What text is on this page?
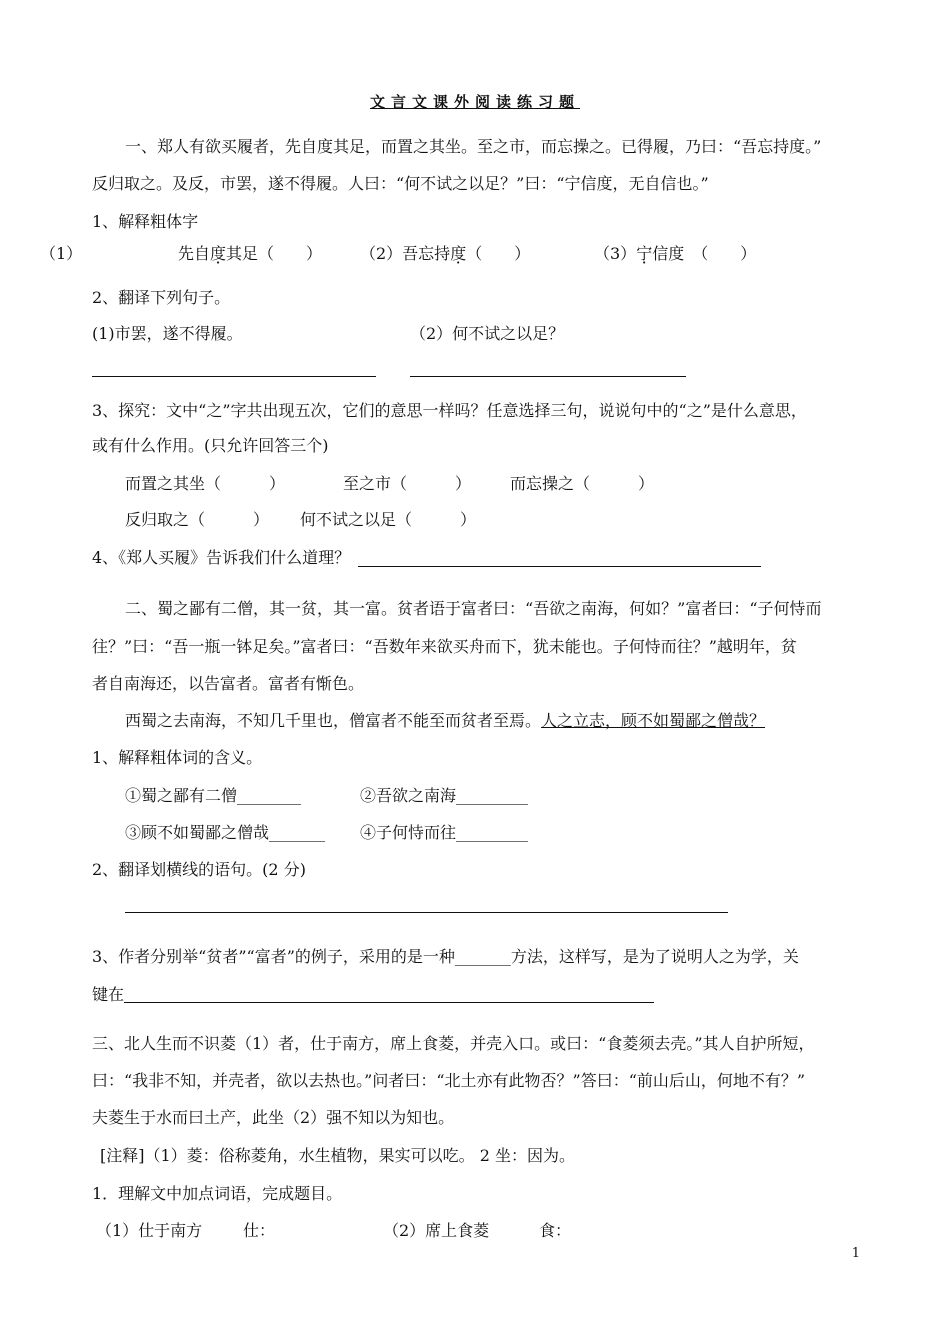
文言文课外阅读练习题
一、郑人有欲买履者，先自度其足，而置之其坐。至之市，而忘操之。已得履，乃曰：“吾忘持度。”
反归取之。及反，市罢，遂不得履。人曰：“何不试之以足？”曰：“宁信度，无自信也。”
1、解释粗体字
（1）	先自度其足（　　） （2）吾忘持度（　　）	（3）宁信度　（　　）
2、翻译下列句子。
(1)市罢，遂不得履。	（2）何不试之以足？
3、探究：文中“之”字共出现五次，它们的意思一样吗？任意选择三句，说说句中的“之”是什么意思，
或有什么作用。(只允许回答三个)
而置之其坐（　　　）	至之市（　　　） 而忘操之（　　　）
反归取之（　　　） 何不试之以足（　　　）
4、《郑人买履》告诉我们什么道理？
二、蜀之鄙有二僧，其一贫，其一富。贫者语于富者曰：“吾欲之南海，何如？”富者曰：“子何恃而
往？”曰：“吾一瓶一钵足矣。”富者曰：“吾数年来欲买舟而下，犹未能也。子何恃而往？”越明年，贫
者自南海还，以告富者。富者有惭色。
西蜀之去南海，不知几千里也，僧富者不能至而贫者至焉。人之立志，顾不如蜀鄙之僧哉？
1、解释粗体词的含义。
①蜀之鄙有二僧________	②吾欲之南海_________
③顾不如蜀鄙之僧哉_______ ④子何恃而往_________
2、翻译划横线的语句。(2 分)
3、作者分别举“贫者”“富者”的例子，采用的是一种_______方法，这样写，是为了说明人之为学，关
键在
三、北人生而不识菱（1）者，仕于南方，席上食菱，并壳入口。或曰：“食菱须去壳。”其人自护所短，
曰：“我非不知，并壳者，欲以去热也。”问者曰：“北土亦有此物否？”答曰：“前山后山，何地不有？”
夫菱生于水而曰土产，此坐（2）强不知以为知也。
[注释]（1）菱：俗称菱角，水生植物，果实可以吃。 2 坐：因为。
1．理解文中加点词语，完成题目。
（1）仕于南方	仕：	（2）席上食菱	食：
1
